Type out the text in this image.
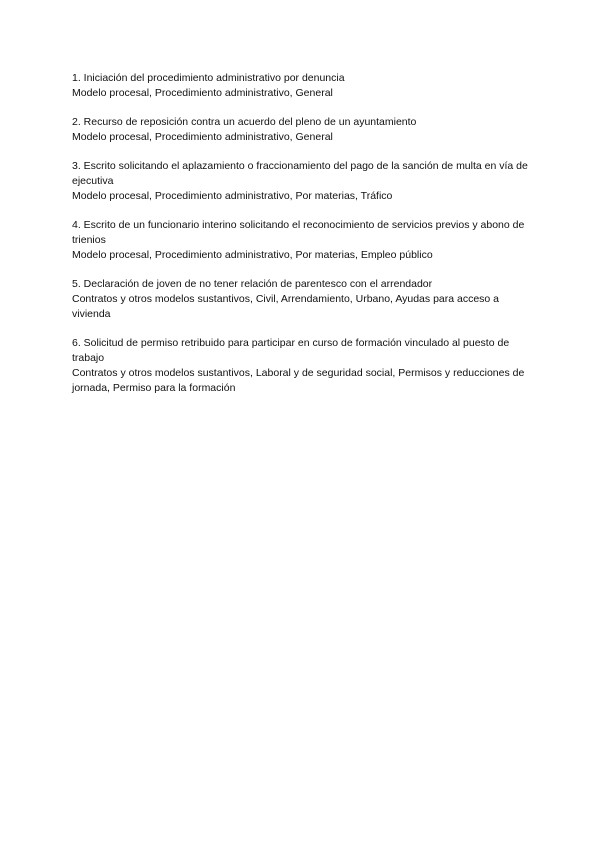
1. Iniciación del procedimiento administrativo por denuncia
Modelo procesal, Procedimiento administrativo, General
2. Recurso de reposición contra un acuerdo del pleno de un ayuntamiento
Modelo procesal, Procedimiento administrativo, General
3. Escrito solicitando el aplazamiento o fraccionamiento del pago de la sanción de multa en vía de ejecutiva
Modelo procesal, Procedimiento administrativo, Por materias, Tráfico
4. Escrito de un funcionario interino solicitando el reconocimiento de servicios previos y abono de trienios
Modelo procesal, Procedimiento administrativo, Por materias, Empleo público
5. Declaración de joven de no tener relación de parentesco con el arrendador
Contratos y otros modelos sustantivos, Civil, Arrendamiento, Urbano, Ayudas para acceso a vivienda
6. Solicitud de permiso retribuido para participar en curso de formación vinculado al puesto de trabajo
Contratos y otros modelos sustantivos, Laboral y de seguridad social, Permisos y reducciones de jornada, Permiso para la formación
